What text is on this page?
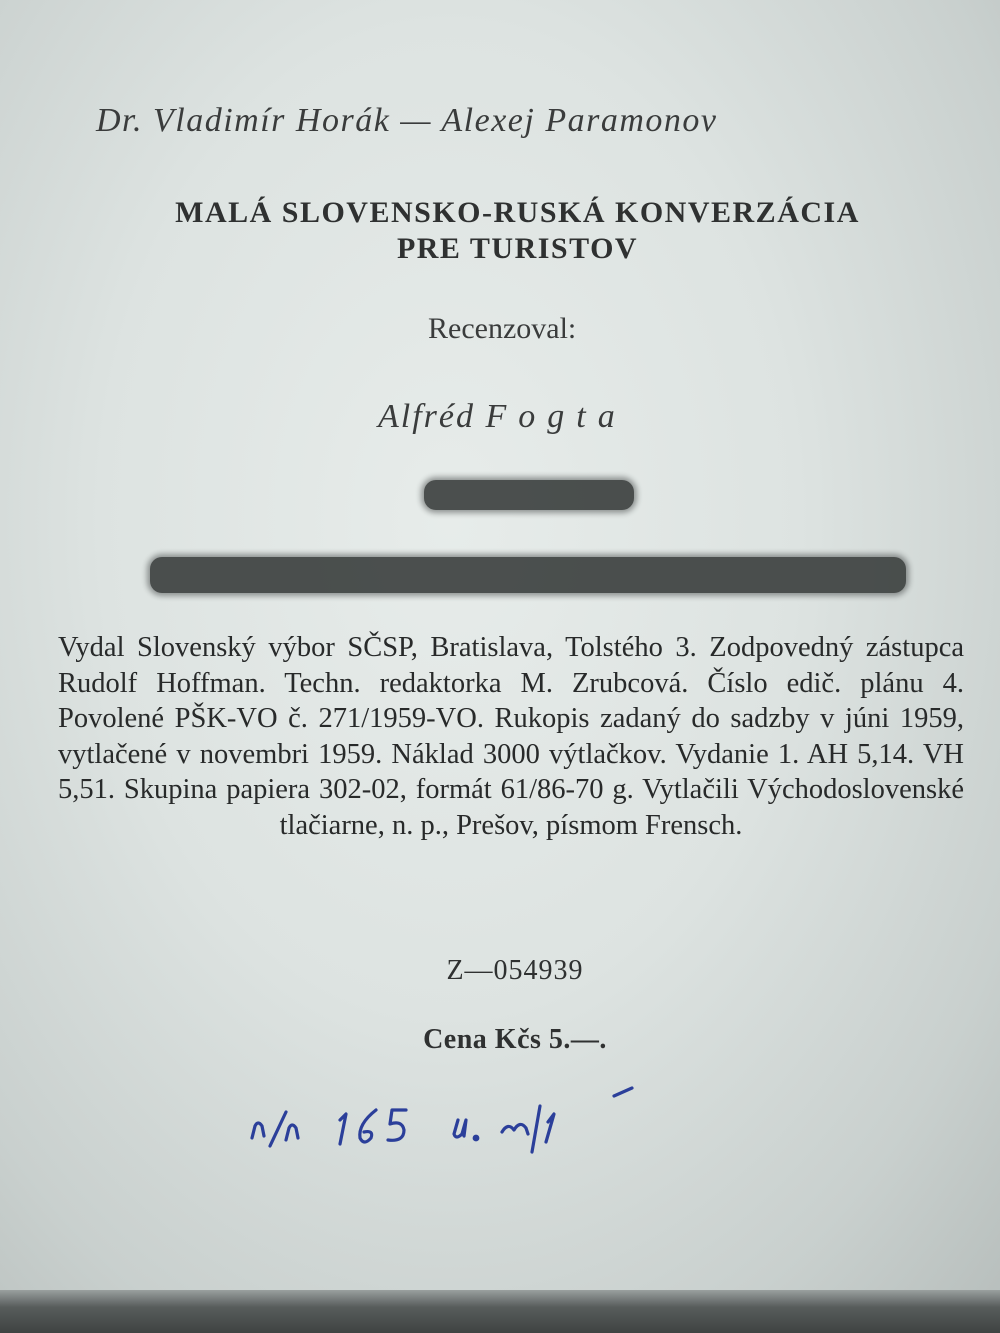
Dr. Vladimír Horák — Alexej Paramonov
MALÁ SLOVENSKO-RUSKÁ KONVERZÁCIA
PRE TURISTOV
Recenzoval:
Alfréd Fogta
Vydal Slovenský výbor SČSP, Bratislava, Tolstého 3. Zodpovedný zástupca Rudolf Hoffman. Techn. redaktorka M. Zrubcová. Číslo edič. plánu 4. Povolené PŠK-VO č. 271/1959-VO. Rukopis zadaný do sadzby v júni 1959, vytlačené v novembri 1959. Náklad 3000 výtlačkov. Vydanie 1. AH 5,14. VH 5,51. Skupina papiera 302-02, formát 61/86-70 g. Vytlačili Východoslovenské tlačiarne, n. p., Prešov, písmom Frensch.
Z—054939
Cena Kčs 5.—.
